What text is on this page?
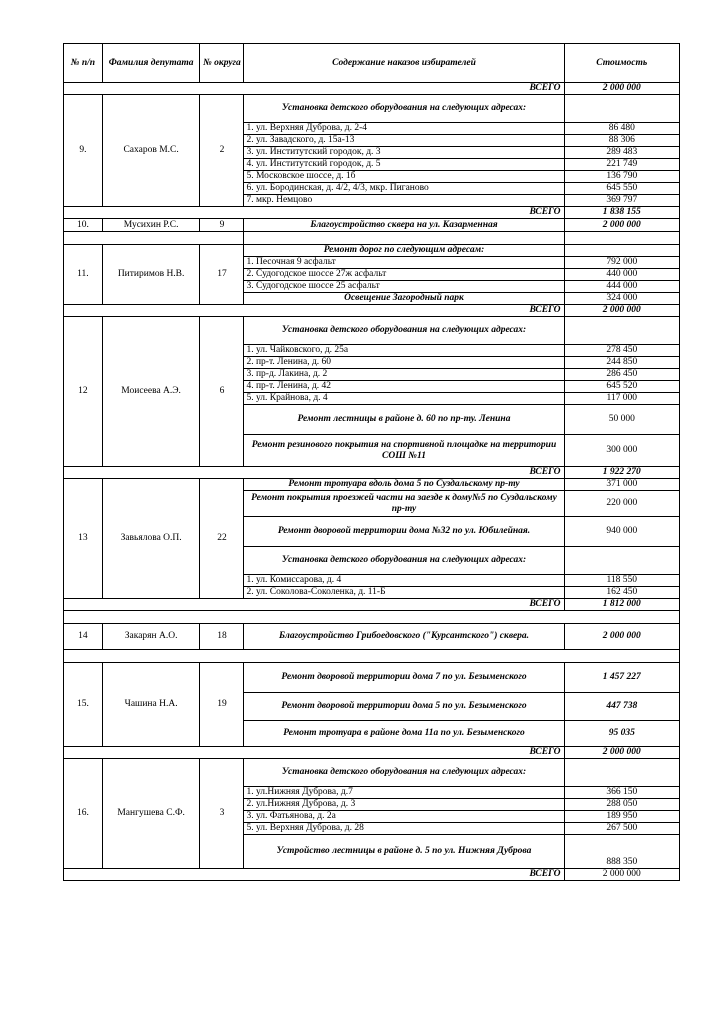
№ п/п	Фамилия депутата	№ округа	Содержание наказов избирателей	Стоимость
ВСЕГО				2 000 000
9.	Сахаров М.С.	2	Установка детского оборудования на следующих адресах:	
			1. ул. Верхняя Дуброва, д. 2-4	86 480
			2. ул. Завадского, д. 15а-13	88 306
			3. ул. Институтский городок, д. 3	289 483
			4. ул. Институтский городок, д. 5	221 749
			5. Московское шоссе, д. 1б	136 790
			6. ул. Бородинская, д. 4/2, 4/3, мкр. Пиганово	645 550
			7. мкр. Немцово	369 797
ВСЕГО				1 838 155
10.	Мусихин Р.С.	9	Благоустройство сквера на ул. Казарменная	2 000 000

11.	Питиримов Н.В.	17	Ремонт дорог по следующим адресам:	
			1. Песочная 9 асфальт	792 000
			2. Судогодское шоссе 27ж асфальт	440 000
			3. Судогодское шоссе 25 асфальт	444 000
			Освещение Загородный парк	324 000
ВСЕГО				2 000 000
12	Моисеева А.Э.	6	Установка детского оборудования на следующих адресах:	
			1. ул. Чайковского, д. 25а	278 450
			2. пр-т. Ленина, д. 60	244 850
			3. пр-д. Лакина, д. 2	286 450
			4. пр-т. Ленина, д. 42	645 520
			5. ул. Крайнова, д. 4	117 000
			Ремонт лестницы в районе д. 60 по пр-ту. Ленина	50 000
			Ремонт резинового покрытия на спортивной площадке на территории СОШ №11	300 000
ВСЕГО				1 922 270
13	Завьялова О.П.	22	Ремонт тротуара вдоль дома 5 по Суздальскому пр-ту	371 000
			Ремонт покрытия проезжей части на заезде к дому№5 по Суздальскому пр-ту	220 000
			Ремонт дворовой территории дома №32 по ул. Юбилейная.	940 000
			Установка детского оборудования на следующих адресах:	
			1. ул. Комиссарова, д. 4	118 550
			2. ул. Соколова-Соколенка, д. 11-Б	162 450
ВСЕГО				1 812 000

14	Закарян А.О.	18	Благоустройство Грибоедовского ("Курсантского") сквера.	2 000 000

15.	Чашина Н.А.	19	Ремонт дворовой территории дома 7 по ул. Безыменского	1 457 227
			Ремонт дворовой территории дома 5 по ул. Безыменского	447 738
			Ремонт тротуара в районе дома 11а по ул. Безыменского	95 035
ВСЕГО				2 000 000
16.	Мангушева С.Ф.	3	Установка детского оборудования на следующих адресах:	
			1. ул.Нижняя Дуброва, д.7	366 150
			2. ул.Нижняя Дуброва, д. 3	288 050
			3. ул. Фатьянова, д. 2а	189 950
			5. ул. Верхняя Дуброва, д. 28	267 500
			Устройство лестницы в районе д. 5 по ул. Нижняя Дуброва	888 350
ВСЕГО				2 000 000
